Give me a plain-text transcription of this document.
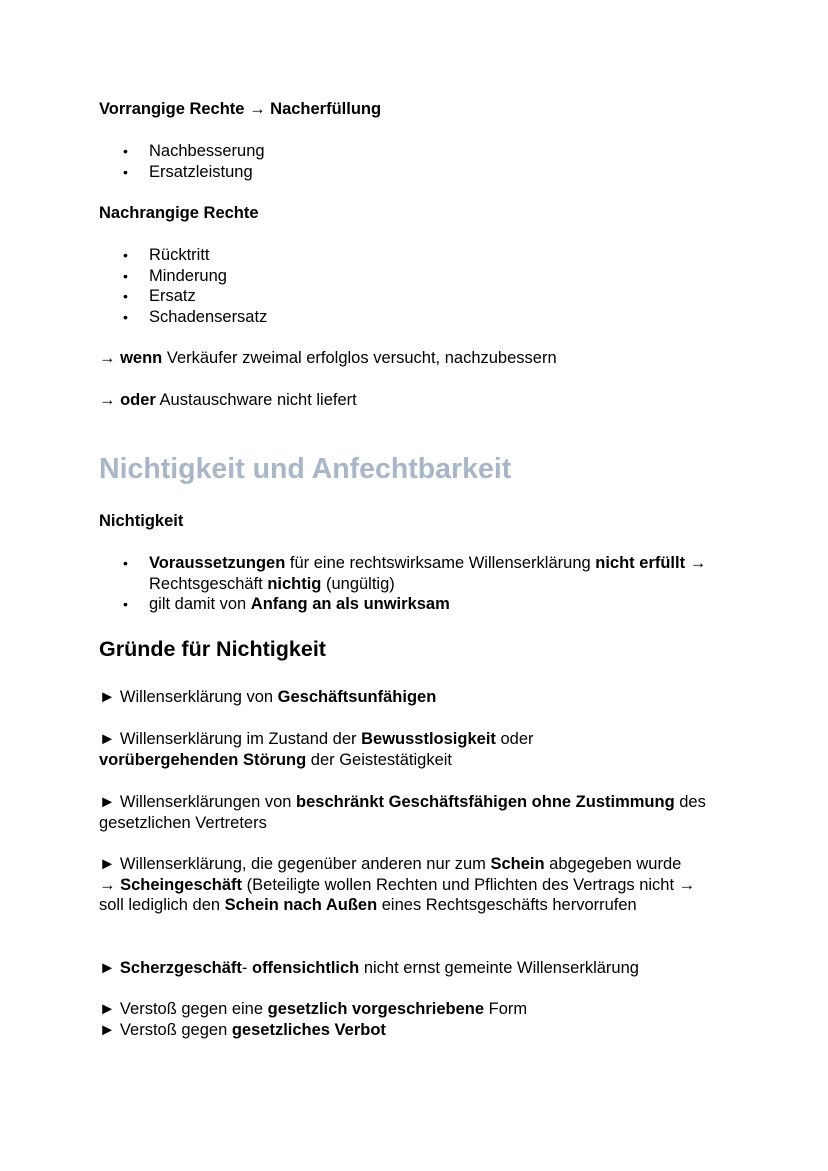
Vorrangige Rechte → Nacherfüllung
• Nachbesserung
• Ersatzleistung
Nachrangige Rechte
• Rücktritt
• Minderung
• Ersatz
• Schadensersatz
→ wenn Verkäufer zweimal erfolglos versucht, nachzubessern
→ oder Austauschware nicht liefert
Nichtigkeit und Anfechtbarkeit
Nichtigkeit
• Voraussetzungen für eine rechtswirksame Willenserklärung nicht erfüllt → Rechtsgeschäft nichtig (ungültig)
• gilt damit von Anfang an als unwirksam
Gründe für Nichtigkeit
► Willenserklärung von Geschäftsunfähigen
► Willenserklärung im Zustand der Bewusstlosigkeit oder vorübergehenden Störung der Geistestätigkeit
► Willenserklärungen von beschränkt Geschäftsfähigen ohne Zustimmung des gesetzlichen Vertreters
► Willenserklärung, die gegenüber anderen nur zum Schein abgegeben wurde → Scheingeschäft (Beteiligte wollen Rechten und Pflichten des Vertrags nicht → soll lediglich den Schein nach Außen eines Rechtsgeschäfts hervorrufen
► Scherzgeschäft- offensichtlich nicht ernst gemeinte Willenserklärung
► Verstoß gegen eine gesetzlich vorgeschriebene Form
► Verstoß gegen gesetzliches Verbot
